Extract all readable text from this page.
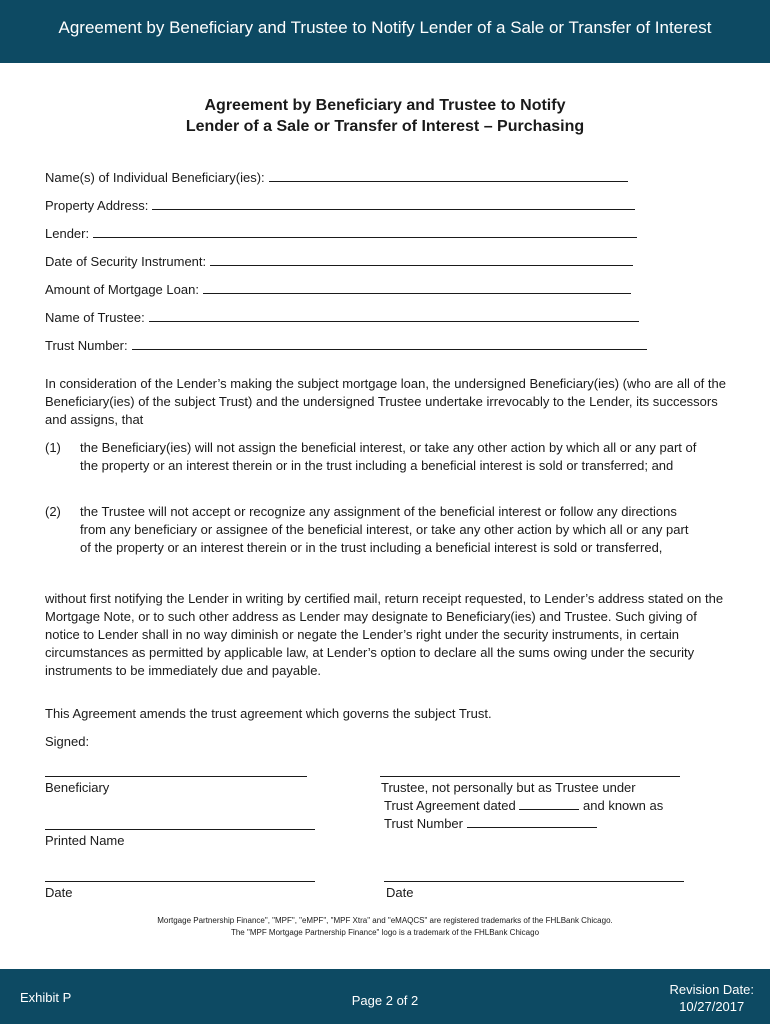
Agreement by Beneficiary and Trustee to Notify Lender of a Sale or Transfer of Interest
Agreement by Beneficiary and Trustee to Notify
Lender of a Sale or Transfer of Interest – Purchasing
Name(s) of Individual Beneficiary(ies):
Property Address:
Lender:
Date of Security Instrument:
Amount of Mortgage Loan:
Name of Trustee:
Trust Number:
In consideration of the Lender’s making the subject mortgage loan, the undersigned Beneficiary(ies) (who are all of the Beneficiary(ies) of the subject Trust) and the undersigned Trustee undertake irrevocably to the Lender, its successors and assigns, that
(1) the Beneficiary(ies) will not assign the beneficial interest, or take any other action by which all or any part of the property or an interest therein or in the trust including a beneficial interest is sold or transferred; and
(2) the Trustee will not accept or recognize any assignment of the beneficial interest or follow any directions from any beneficiary or assignee of the beneficial interest, or take any other action by which all or any part of the property or an interest therein or in the trust including a beneficial interest is sold or transferred,
without first notifying the Lender in writing by certified mail, return receipt requested, to Lender’s address stated on the Mortgage Note, or to such other address as Lender may designate to Beneficiary(ies) and Trustee. Such giving of notice to Lender shall in no way diminish or negate the Lender’s right under the security instruments, in certain circumstances as permitted by applicable law, at Lender’s option to declare all the sums owing under the security instruments to be immediately due and payable.
This Agreement amends the trust agreement which governs the subject Trust.
Signed:
Beneficiary
Printed Name
Date
Trustee, not personally but as Trustee under
Trust Agreement dated	and known as
Trust Number
Date
Mortgage Partnership Finance", "MPF", "eMPF", "MPF Xtra" and "eMAQCS" are registered trademarks of the FHLBank Chicago.
The "MPF Mortgage Partnership Finance" logo is a trademark of the FHLBank Chicago
Exhibit P	Page 2 of 2
Revision Date:
10/27/2017
